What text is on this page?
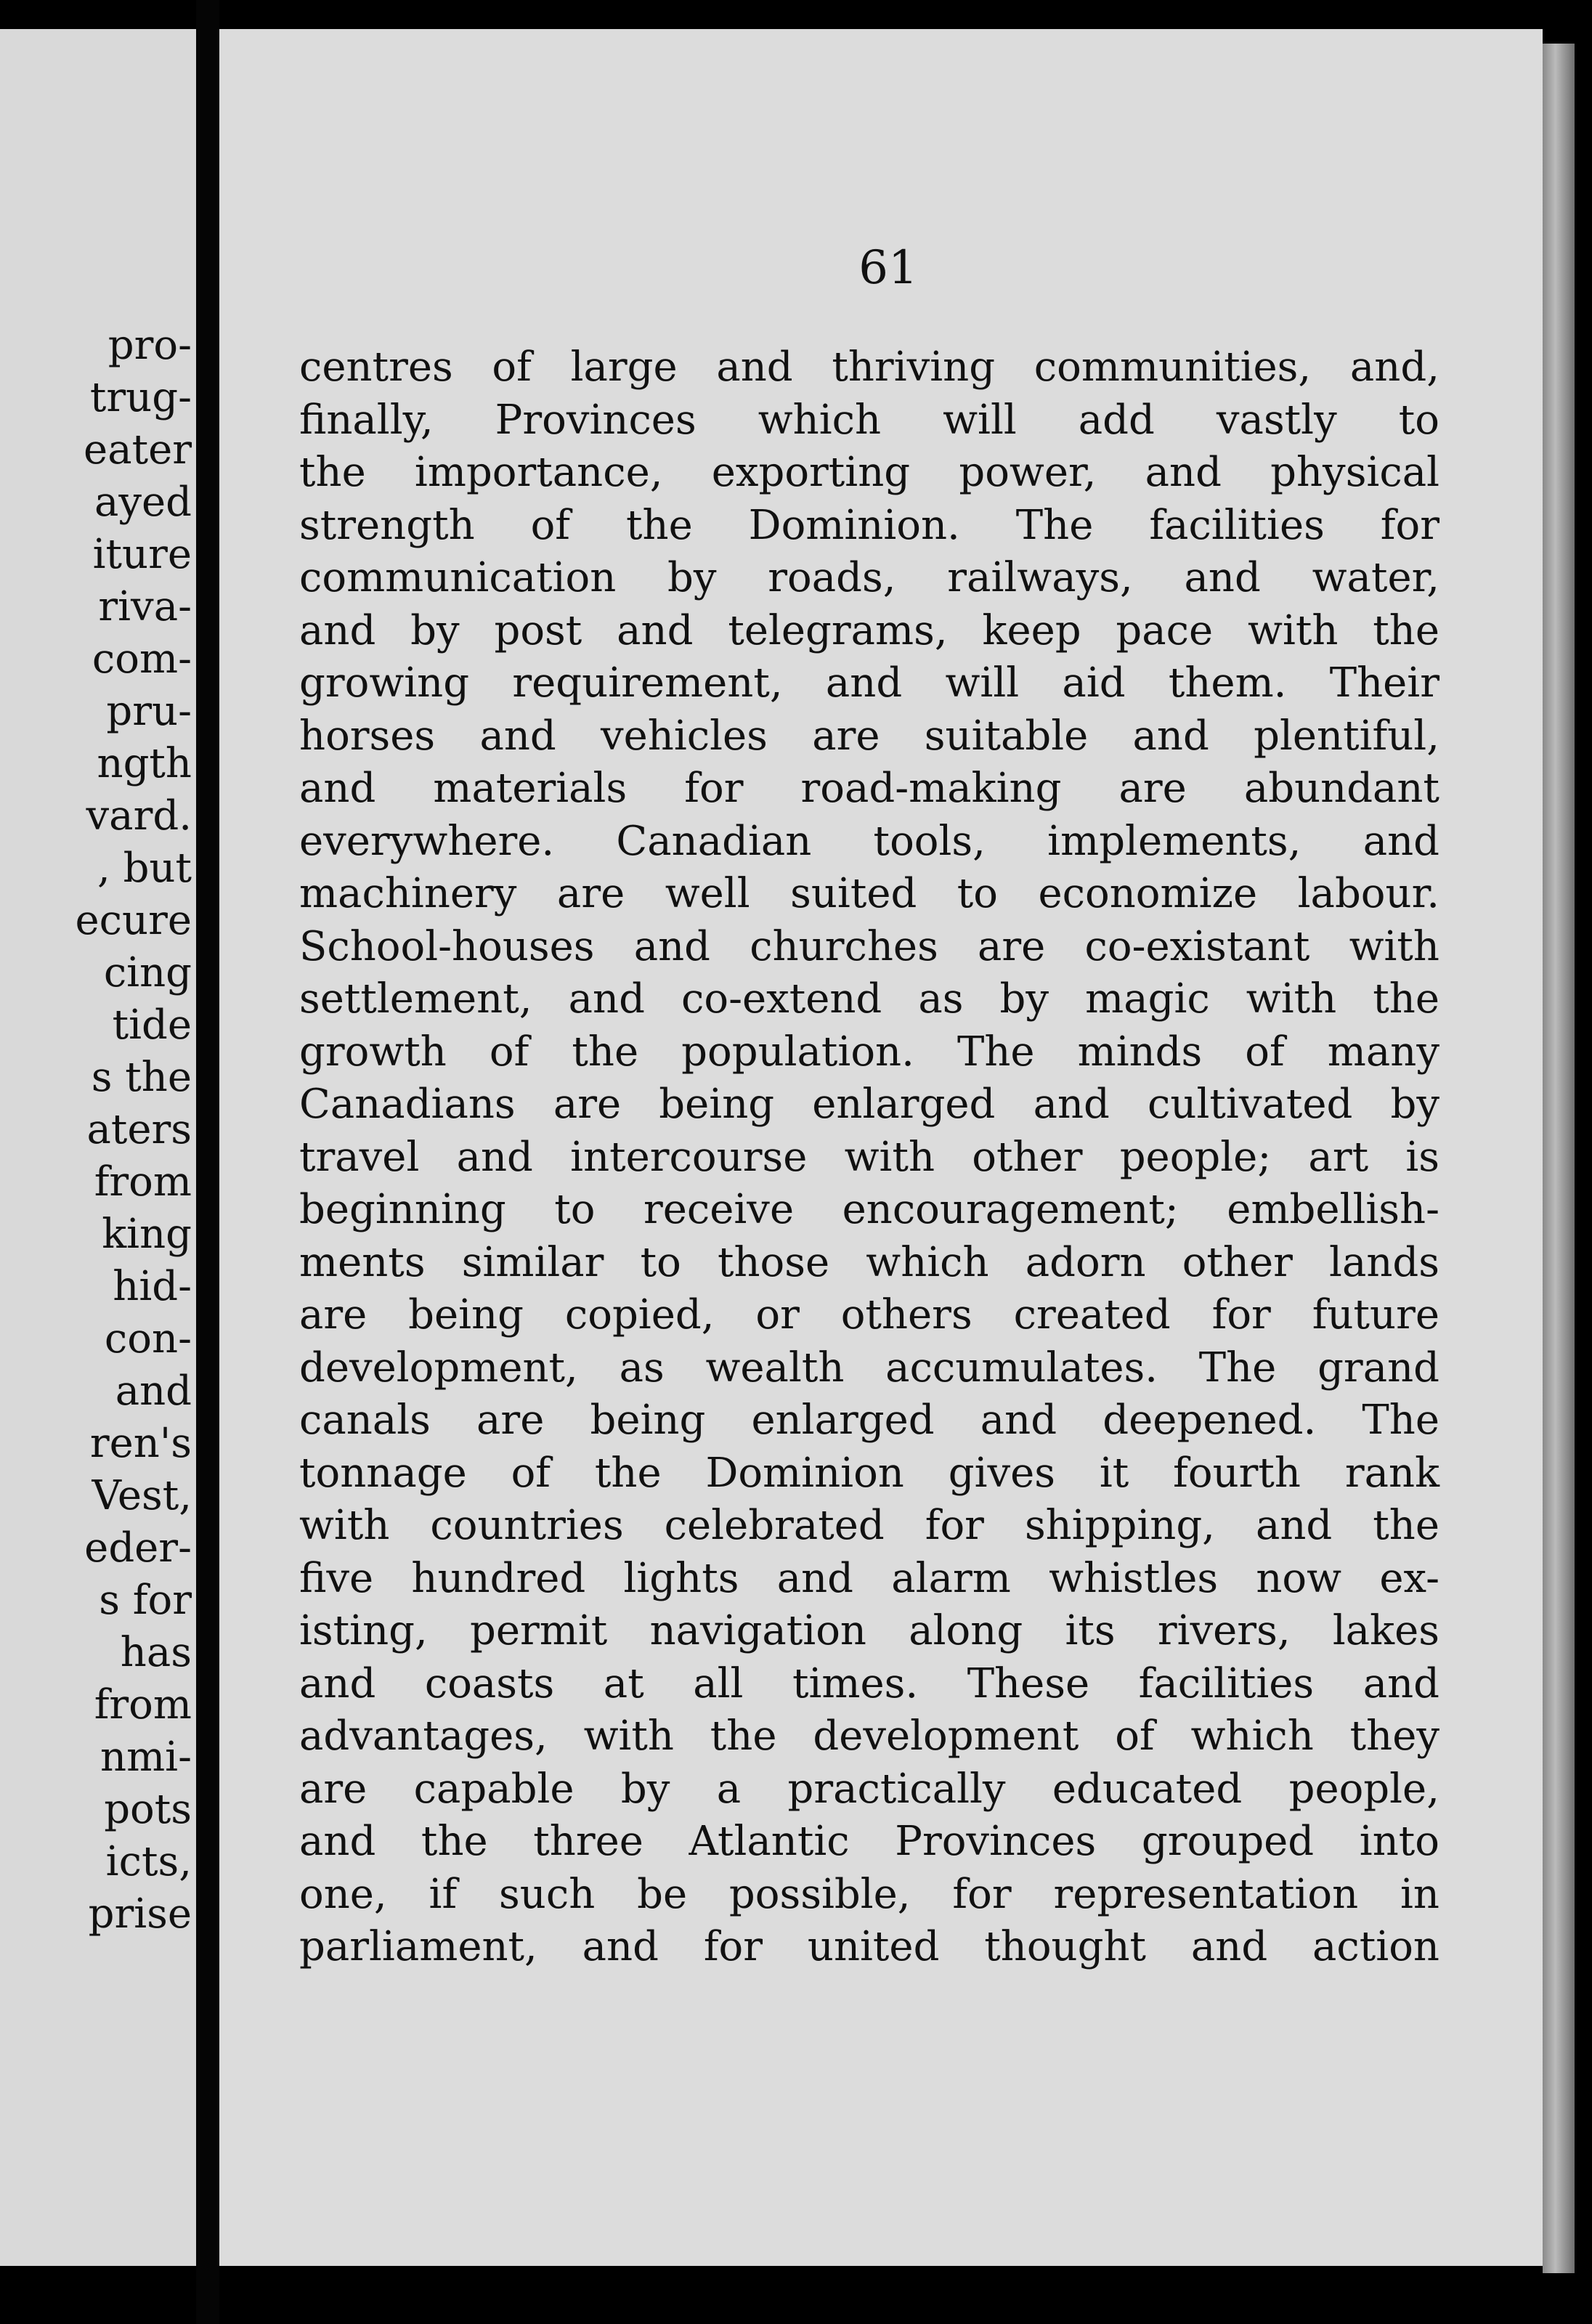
pro-
trug-
eater
ayed
iture
riva-
com-
pru-
ngth
vard.
, but
ecure
cing
tide
s the
aters
from
king
hid-
con-
and
ren's
Vest,
eder-
s for
has
from
nmi-
pots
icts,
prise
61
centres of large and thriving communities, and,
finally, Provinces which will add vastly to
the importance, exporting power, and physical
strength of the Dominion. The facilities for
communication by roads, railways, and water,
and by post and telegrams, keep pace with the
growing requirement, and will aid them. Their
horses and vehicles are suitable and plentiful,
and materials for road-making are abundant
everywhere. Canadian tools, implements, and
machinery are well suited to economize labour.
School-houses and churches are co-existant with
settlement, and co-extend as by magic with the
growth of the population. The minds of many
Canadians are being enlarged and cultivated by
travel and intercourse with other people; art is
beginning to receive encouragement; embellish-
ments similar to those which adorn other lands
are being copied, or others created for future
development, as wealth accumulates. The grand
canals are being enlarged and deepened. The
tonnage of the Dominion gives it fourth rank
with countries celebrated for shipping, and the
five hundred lights and alarm whistles now ex-
isting, permit navigation along its rivers, lakes
and coasts at all times. These facilities and
advantages, with the development of which they
are capable by a practically educated people,
and the three Atlantic Provinces grouped into
one, if such be possible, for representation in
parliament, and for united thought and action
